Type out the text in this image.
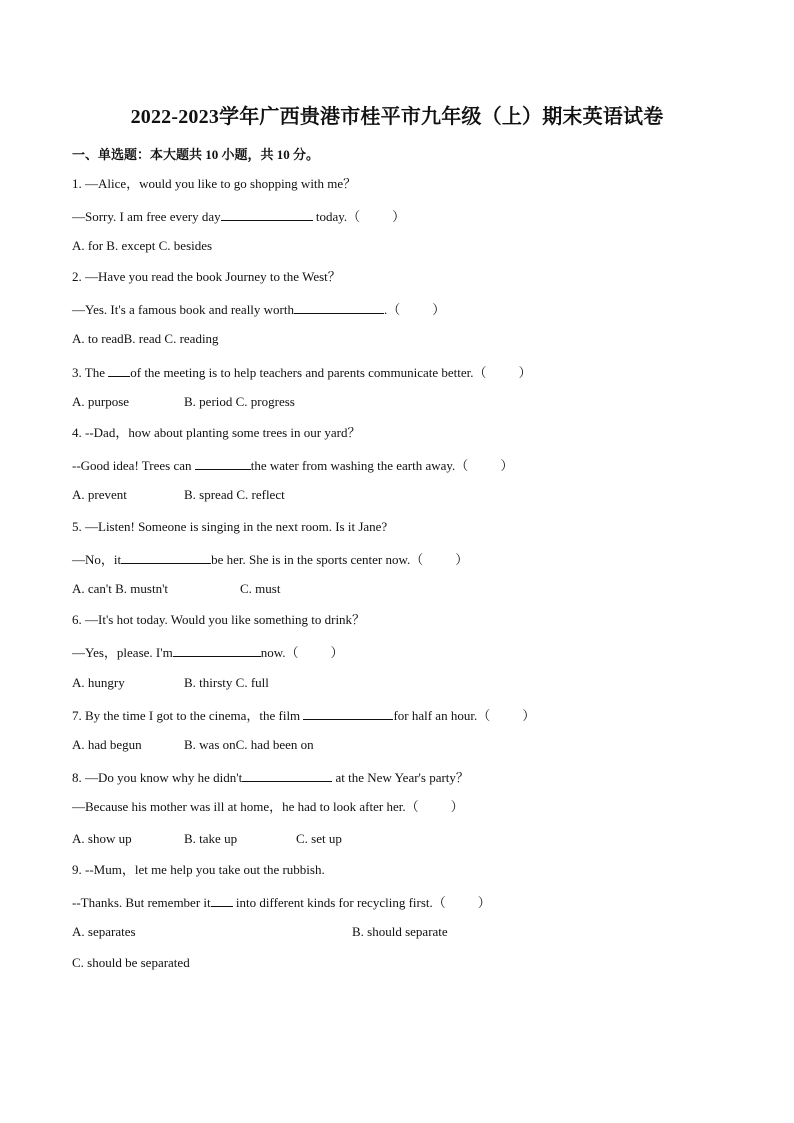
2022-2023学年广西贵港市桂平市九年级（上）期末英语试卷
一、单选题：本大题共 10 小题，共 10 分。
1. —Alice，would you like to go shopping with me？
—Sorry. I am free every day	today.（ ）
A. for B. except C. besides
2. —Have you read the book Journey to the West？
—Yes. It's a famous book and really worth	.（ ）
A. to readB. read C. reading
3. The of the meeting is to help teachers and parents communicate better.（ ）
A. purpose	B. period C. progress
4. --Dad，how about planting some trees in our yard？
--Good idea! Trees can	the water from washing the earth away.（ ）
A. prevent	B. spread C. reflect
5. —Listen! Someone is singing in the next room. Is it Jane?
—No，it	be her. She is in the sports center now.（ ）
A. can't B. mustn't	C. must
6. —It's hot today. Would you like something to drink？
—Yes，please. I'm	now.（ ）
A. hungry	B. thirsty C. full
7. By the time I got to the cinema，the film	for half an hour.（ ）
A. had begun	B. was onC. had been on
8. —Do you know why he didn't	at the New Year's party？
—Because his mother was ill at home，he had to look after her.（ ）
A. show up	B. take up	C. set up
9. --Mum，let me help you take out the rubbish.
--Thanks. But remember it into different kinds for recycling first.（ ）
A. separates	B. should separate
C. should be separated
